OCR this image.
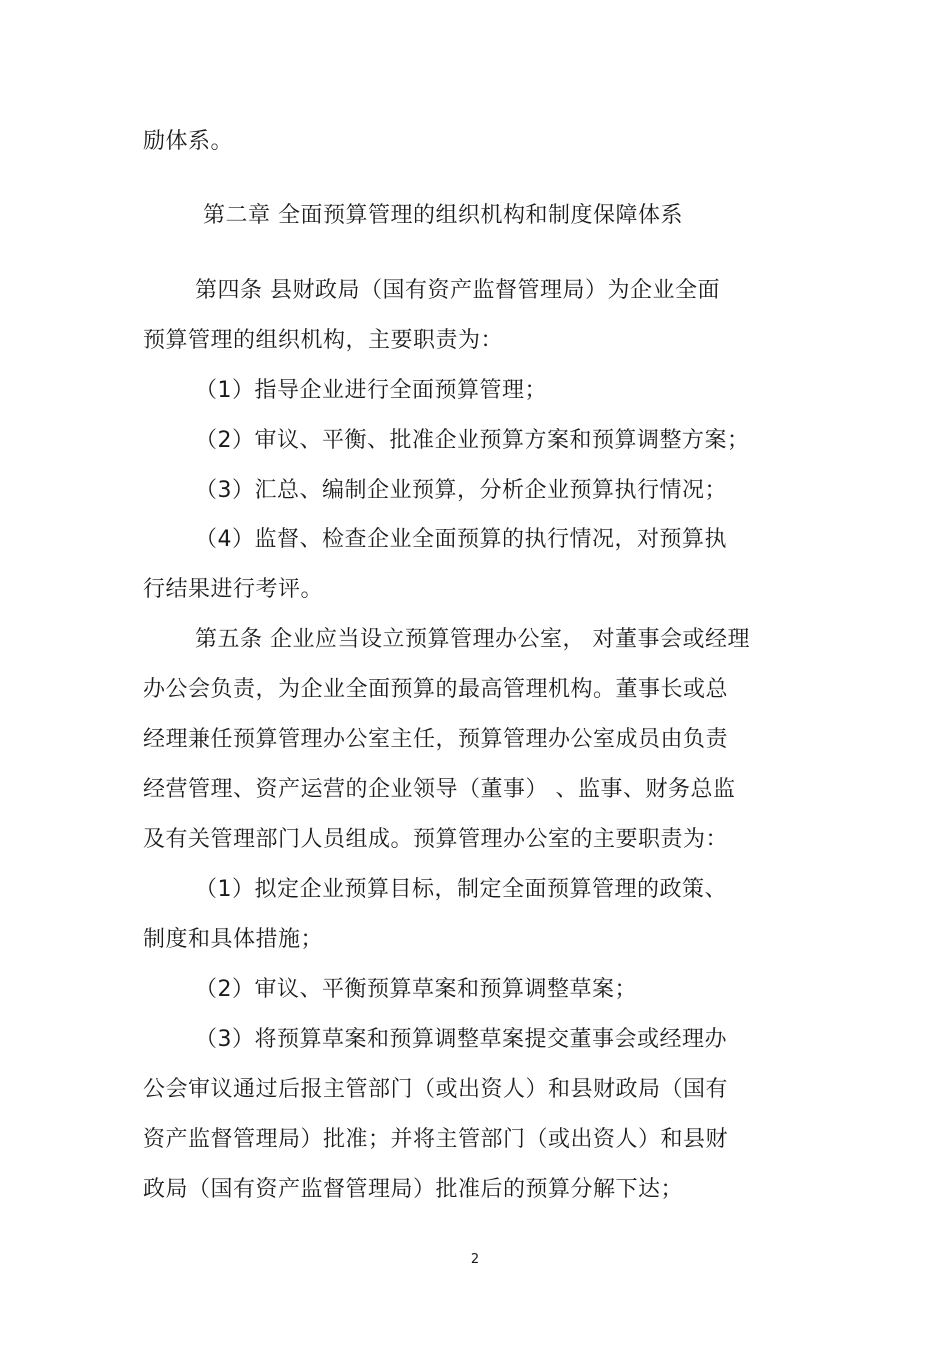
励体系。
第二章 全面预算管理的组织机构和制度保障体系
第四条 县财政局（国有资产监督管理局）为企业全面
预算管理的组织机构，主要职责为：
（1）指导企业进行全面预算管理；
（2）审议、平衡、批准企业预算方案和预算调整方案；
（3）汇总、编制企业预算，分析企业预算执行情况；
（4）监督、检查企业全面预算的执行情况，对预算执
行结果进行考评。
第五条 企业应当设立预算管理办公室， 对董事会或经理
办公会负责，为企业全面预算的最高管理机构。董事长或总
经理兼任预算管理办公室主任，预算管理办公室成员由负责
经营管理、资产运营的企业领导（董事） 、监事、财务总监
及有关管理部门人员组成。预算管理办公室的主要职责为：
（1）拟定企业预算目标，制定全面预算管理的政策、
制度和具体措施；
（2）审议、平衡预算草案和预算调整草案；
（3）将预算草案和预算调整草案提交董事会或经理办
公会审议通过后报主管部门（或出资人）和县财政局（国有
资产监督管理局）批准；并将主管部门（或出资人）和县财
政局（国有资产监督管理局）批准后的预算分解下达；
2
